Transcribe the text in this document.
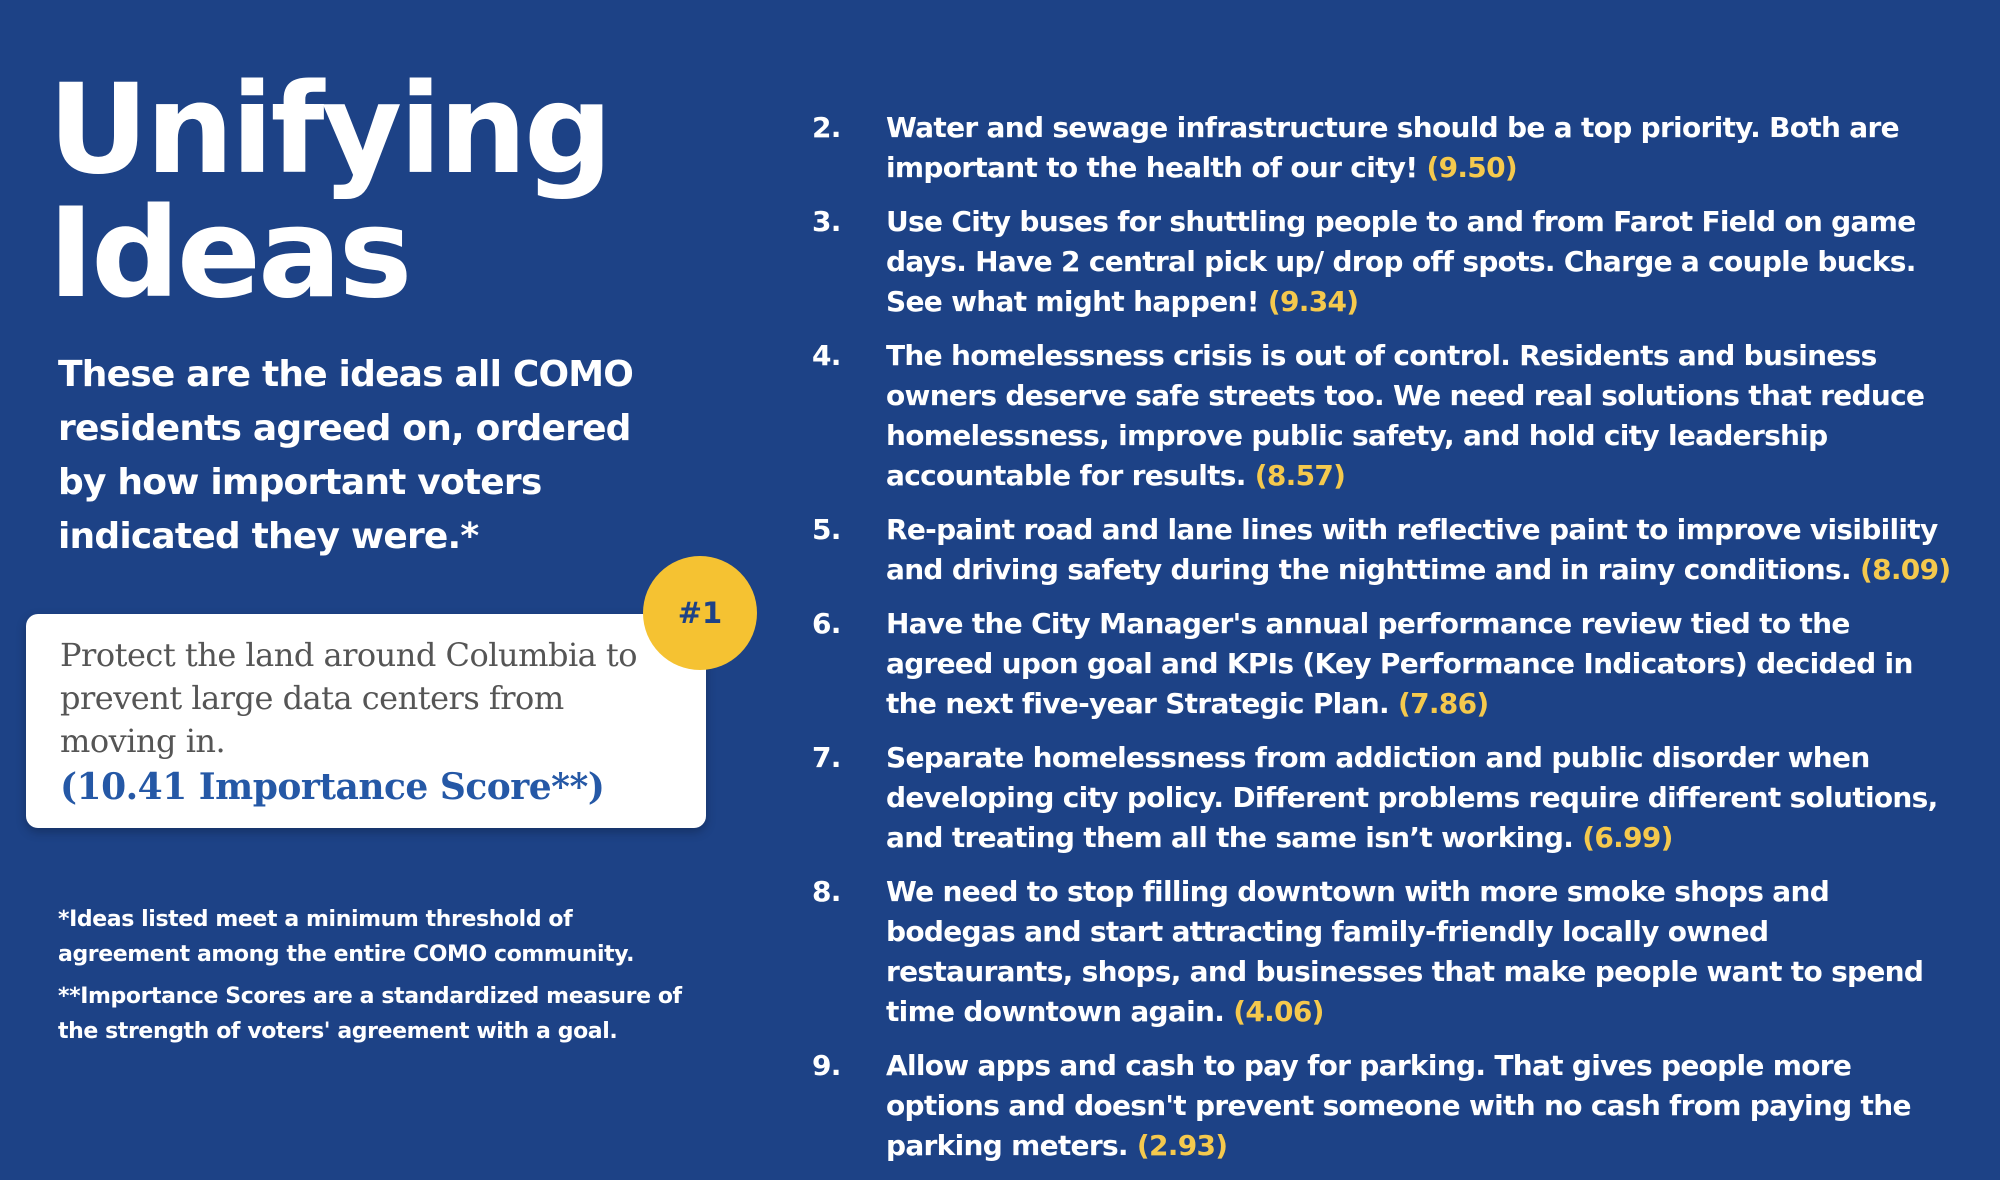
Unifying
Ideas

These are the ideas all COMO residents agreed on, ordered by how important voters indicated they were.*

Protect the land around Columbia to prevent large data centers from moving in.
(10.41 Importance Score**)
#1

*Ideas listed meet a minimum threshold of agreement among the entire COMO community.

**Importance Scores are a standardized measure of the strength of voters' agreement with a goal.

2. Water and sewage infrastructure should be a top priority. Both are important to the health of our city! (9.50)
3. Use City buses for shuttling people to and from Farot Field on game days. Have 2 central pick up/ drop off spots. Charge a couple bucks. See what might happen! (9.34)
4. The homelessness crisis is out of control. Residents and business owners deserve safe streets too. We need real solutions that reduce homelessness, improve public safety, and hold city leadership accountable for results. (8.57)
5. Re-paint road and lane lines with reflective paint to improve visibility and driving safety during the nighttime and in rainy conditions. (8.09)
6. Have the City Manager's annual performance review tied to the agreed upon goal and KPIs (Key Performance Indicators) decided in the next five-year Strategic Plan. (7.86)
7. Separate homelessness from addiction and public disorder when developing city policy. Different problems require different solutions, and treating them all the same isn’t working. (6.99)
8. We need to stop filling downtown with more smoke shops and bodegas and start attracting family-friendly locally owned restaurants, shops, and businesses that make people want to spend time downtown again. (4.06)
9. Allow apps and cash to pay for parking. That gives people more options and doesn't prevent someone with no cash from paying the parking meters. (2.93)
